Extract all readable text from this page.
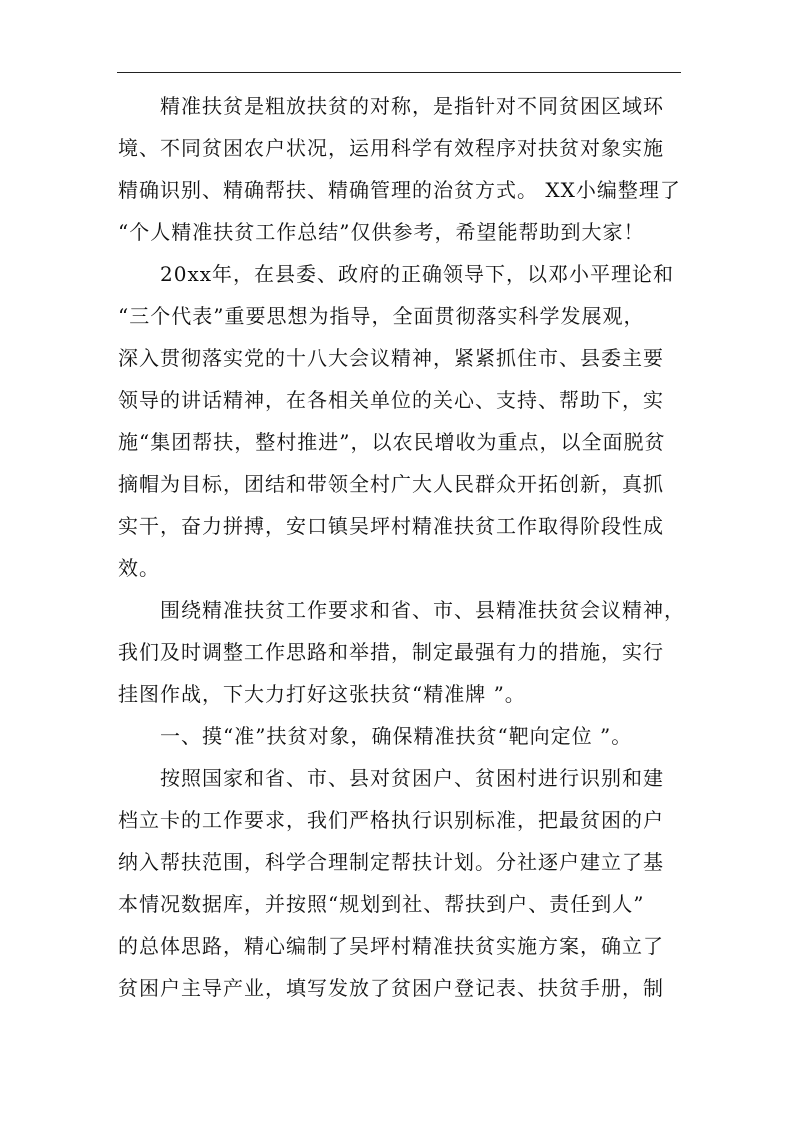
精准扶贫是粗放扶贫的对称，是指针对不同贫困区域环

境、不同贫困农户状况，运用科学有效程序对扶贫对象实施

精确识别、精确帮扶、精确管理的治贫方式。 XX小编整理了

“个人精准扶贫工作总结”仅供参考，希望能帮助到大家！

20xx年，在县委、政府的正确领导下，以邓小平理论和

“三个代表”重要思想为指导，全面贯彻落实科学发展观，

深入贯彻落实党的十八大会议精神，紧紧抓住市、县委主要

领导的讲话精神，在各相关单位的关心、支持、帮助下，实

施“集团帮扶，整村推进”，以农民增收为重点，以全面脱贫

摘帽为目标，团结和带领全村广大人民群众开拓创新，真抓

实干，奋力拼搏，安口镇吴坪村精准扶贫工作取得阶段性成

效。

围绕精准扶贫工作要求和省、市、县精准扶贫会议精神，

我们及时调整工作思路和举措，制定最强有力的措施，实行

挂图作战，下大力打好这张扶贫“精准牌 ”。

一、摸“准”扶贫对象，确保精准扶贫“靶向定位 ”。

按照国家和省、市、县对贫困户、贫困村进行识别和建

档立卡的工作要求，我们严格执行识别标准，把最贫困的户

纳入帮扶范围，科学合理制定帮扶计划。分社逐户建立了基

本情况数据库，并按照“规划到社、帮扶到户、责任到人”

的总体思路，精心编制了吴坪村精准扶贫实施方案，确立了

贫困户主导产业，填写发放了贫困户登记表、扶贫手册，制
